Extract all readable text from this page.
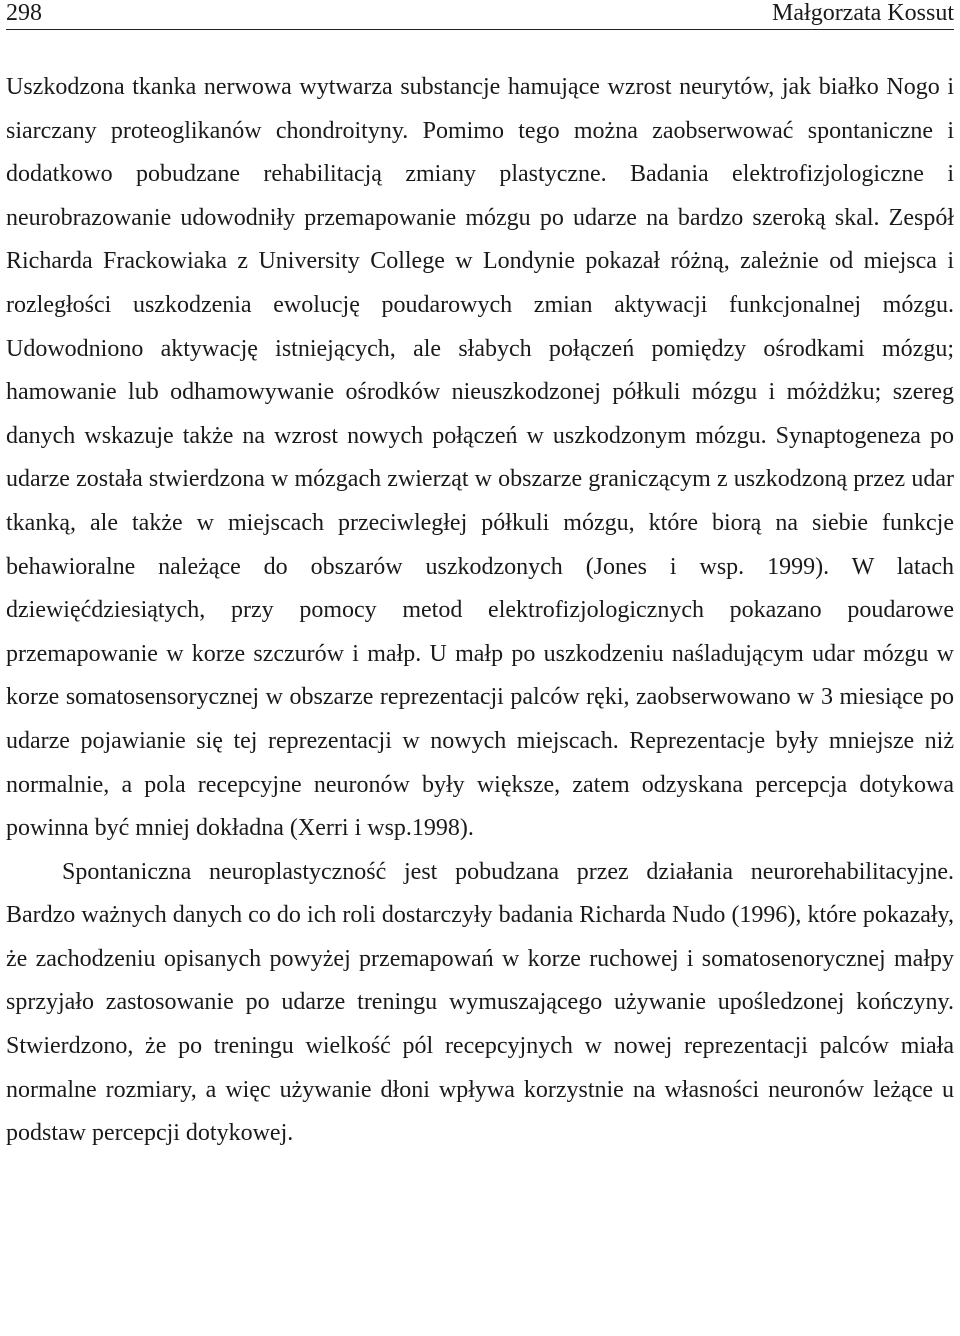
298	Małgorzata Kossut

Uszkodzona tkanka nerwowa wytwarza substancje hamujące wzrost neurytów, jak białko Nogo i siarczany proteoglikanów chondroityny. Pomimo tego można zaobserwować spontaniczne i dodatkowo pobudzane rehabilitacją zmiany plastyczne. Badania elektrofizjologiczne i neurobrazowanie udowodniły przemapowanie mózgu po udarze na bardzo szeroką skal. Zespół Richarda Frackowiaka z University College w Londynie pokazał różną, zależnie od miejsca i rozległości uszkodzenia ewolucję poudarowych zmian aktywacji funkcjonalnej mózgu. Udowodniono aktywację istniejących, ale słabych połączeń pomiędzy ośrodkami mózgu; hamowanie lub odhamowywanie ośrodków nieuszkodzonej półkuli mózgu i móżdżku; szereg danych wskazuje także na wzrost nowych połączeń w uszkodzonym mózgu. Synaptogeneza po udarze została stwierdzona w mózgach zwierząt w obszarze graniczącym z uszkodzoną przez udar tkanką, ale także w miejscach przeciwległej półkuli mózgu, które biorą na siebie funkcje behawioralne należące do obszarów uszkodzonych (Jones i wsp. 1999). W latach dziewięćdziesiątych, przy pomocy metod elektrofizjologicznych pokazano poudarowe przemapowanie w korze szczurów i małp. U małp po uszkodzeniu naśladującym udar mózgu w korze somatosensorycznej w obszarze reprezentacji palców ręki, zaobserwowano w 3 miesiące po udarze pojawianie się tej reprezentacji w nowych miejscach. Reprezentacje były mniejsze niż normalnie, a pola recepcyjne neuronów były większe, zatem odzyskana percepcja dotykowa powinna być mniej dokładna (Xerri i wsp.1998).

Spontaniczna neuroplastyczność jest pobudzana przez działania neurorehabilitacyjne. Bardzo ważnych danych co do ich roli dostarczyły badania Richarda Nudo (1996), które pokazały, że zachodzeniu opisanych powyżej przemapowań w korze ruchowej i somatosenorycznej małpy sprzyjało zastosowanie po udarze treningu wymuszającego używanie upośledzonej kończyny. Stwierdzono, że po treningu wielkość pól recepcyjnych w nowej reprezentacji palców miała normalne rozmiary, a więc używanie dłoni wpływa korzystnie na własności neuronów leżące u podstaw percepcji dotykowej.
